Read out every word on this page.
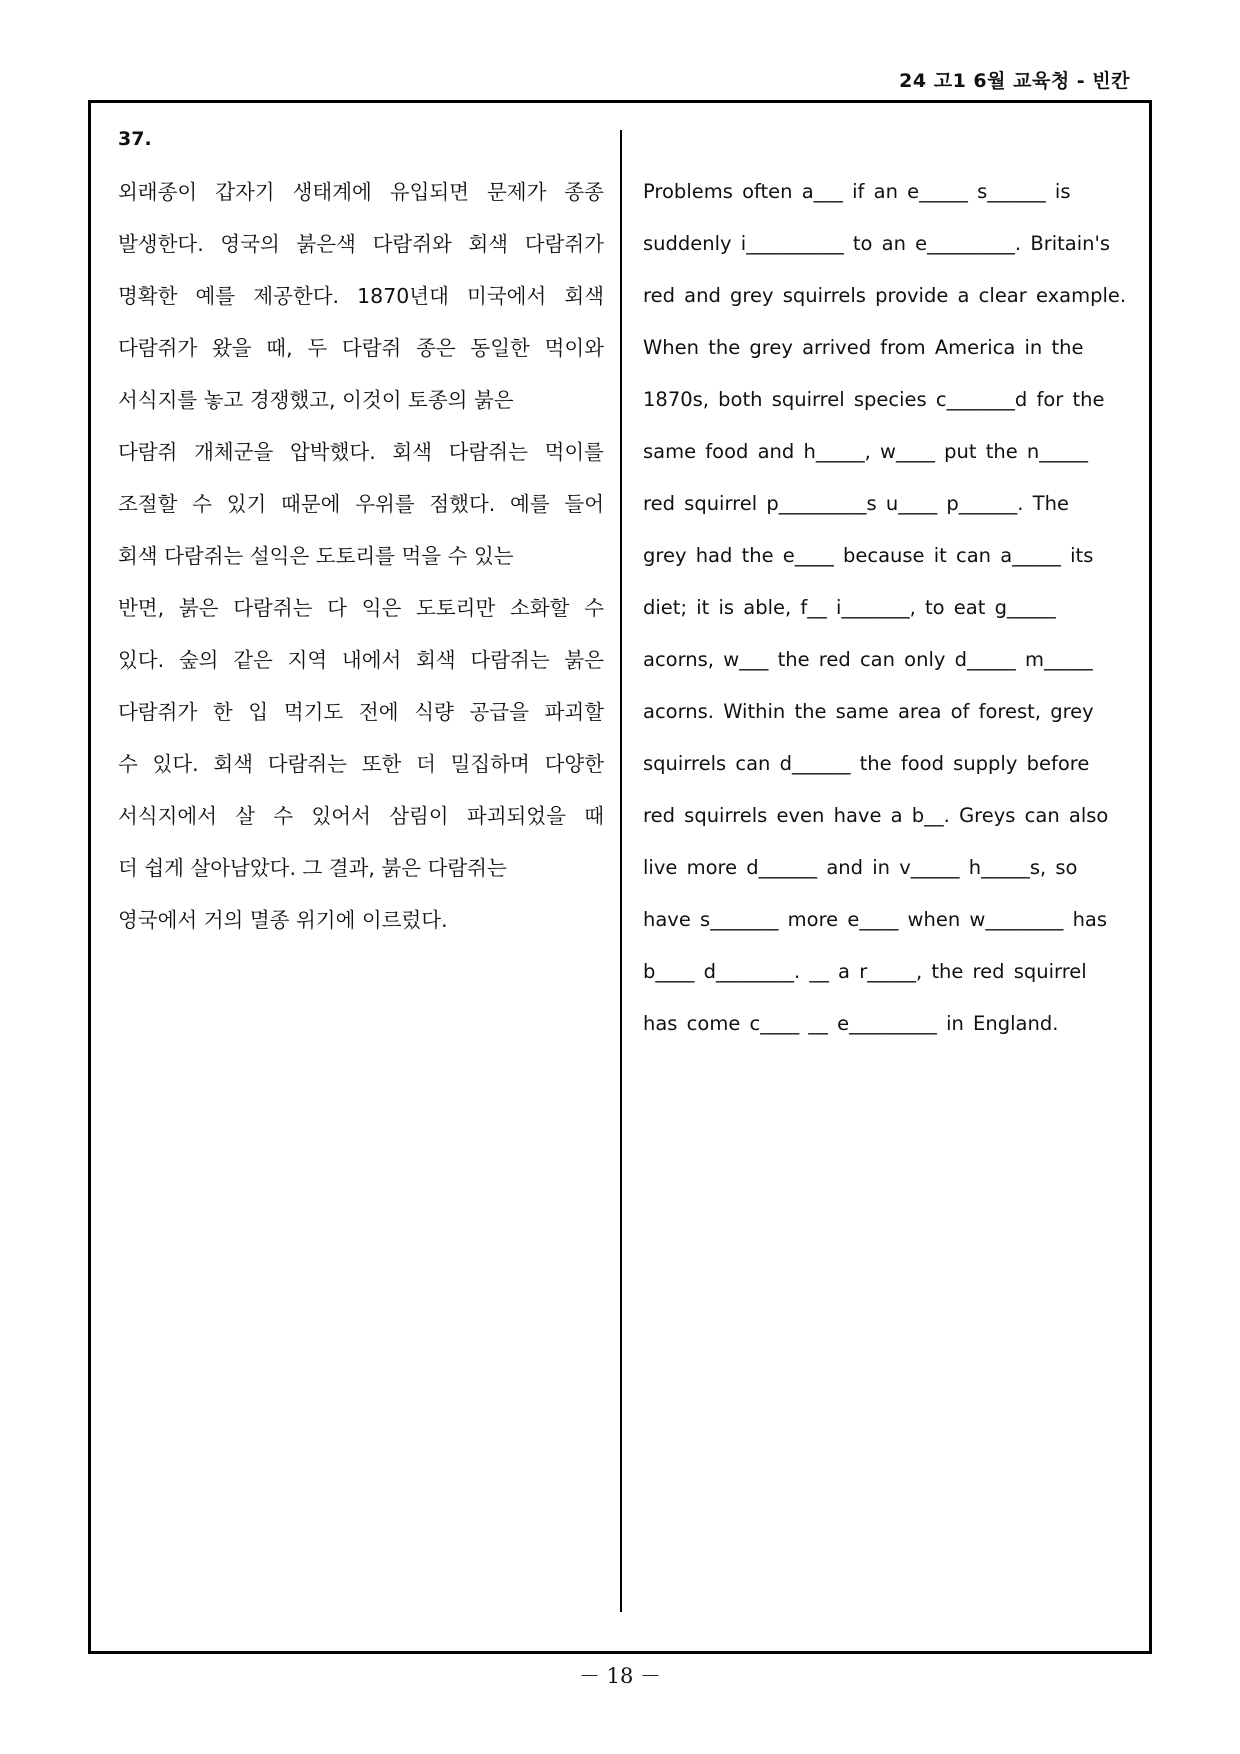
24 고1 6월 교육청 - 빈칸
37.
외래종이 갑자기 생태계에 유입되면 문제가 종종
발생한다. 영국의 붉은색 다람쥐와 회색 다람쥐가
명확한 예를 제공한다. 1870년대 미국에서 회색
다람쥐가 왔을 때, 두 다람쥐 종은 동일한 먹이와
서식지를 놓고 경쟁했고, 이것이 토종의 붉은
다람쥐 개체군을 압박했다. 회색 다람쥐는 먹이를
조절할 수 있기 때문에 우위를 점했다. 예를 들어
회색 다람쥐는 설익은 도토리를 먹을 수 있는
반면, 붉은 다람쥐는 다 익은 도토리만 소화할 수
있다. 숲의 같은 지역 내에서 회색 다람쥐는 붉은
다람쥐가 한 입 먹기도 전에 식량 공급을 파괴할
수 있다. 회색 다람쥐는 또한 더 밀집하며 다양한
서식지에서 살 수 있어서 삼림이 파괴되었을 때
더 쉽게 살아남았다. 그 결과, 붉은 다람쥐는
영국에서 거의 멸종 위기에 이르렀다.
Problems often a___ if an e_____ s______ is
suddenly i__________ to an e_________. Britain's
red and grey squirrels provide a clear example.
When the grey arrived from America in the
1870s, both squirrel species c_______d for the
same food and h_____, w____ put the n_____
red squirrel p_________s u____ p______. The
grey had the e____ because it can a_____ its
diet; it is able, f__ i_______, to eat g_____
acorns, w___ the red can only d_____ m_____
acorns. Within the same area of forest, grey
squirrels can d______ the food supply before
red squirrels even have a b__. Greys can also
live more d______ and in v_____ h_____s, so
have s_______ more e____ when w________ has
b____ d________. __ a r_____, the red squirrel
has come c____ __ e_________ in England.
－ 18 －
